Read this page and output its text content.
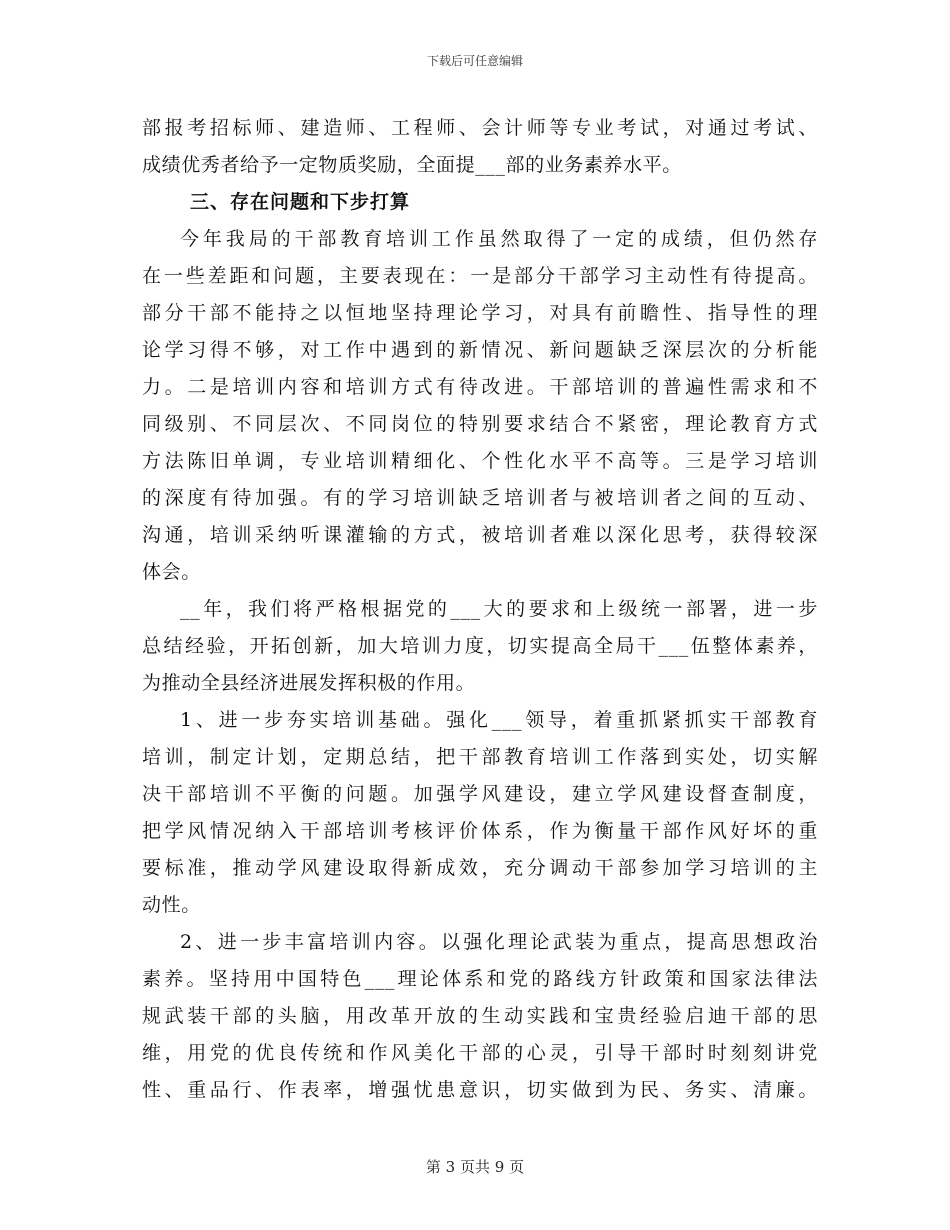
下载后可任意编辑
部报考招标师、建造师、工程师、会计师等专业考试，对通过考试、
成绩优秀者给予一定物质奖励，全面提___部的业务素养水平。
三、存在问题和下步打算
今年我局的干部教育培训工作虽然取得了一定的成绩，但仍然存
在一些差距和问题，主要表现在：一是部分干部学习主动性有待提高。
部分干部不能持之以恒地坚持理论学习，对具有前瞻性、指导性的理
论学习得不够，对工作中遇到的新情况、新问题缺乏深层次的分析能
力。二是培训内容和培训方式有待改进。干部培训的普遍性需求和不
同级别、不同层次、不同岗位的特别要求结合不紧密，理论教育方式
方法陈旧单调，专业培训精细化、个性化水平不高等。三是学习培训
的深度有待加强。有的学习培训缺乏培训者与被培训者之间的互动、
沟通，培训采纳听课灌输的方式，被培训者难以深化思考，获得较深
体会。
__年，我们将严格根据党的___大的要求和上级统一部署，进一步
总结经验，开拓创新，加大培训力度，切实提高全局干___伍整体素养，
为推动全县经济进展发挥积极的作用。
1、进一步夯实培训基础。强化___领导，着重抓紧抓实干部教育
培训，制定计划，定期总结，把干部教育培训工作落到实处，切实解
决干部培训不平衡的问题。加强学风建设，建立学风建设督查制度，
把学风情况纳入干部培训考核评价体系，作为衡量干部作风好坏的重
要标准，推动学风建设取得新成效，充分调动干部参加学习培训的主
动性。
2、进一步丰富培训内容。以强化理论武装为重点，提高思想政治
素养。坚持用中国特色___理论体系和党的路线方针政策和国家法律法
规武装干部的头脑，用改革开放的生动实践和宝贵经验启迪干部的思
维，用党的优良传统和作风美化干部的心灵，引导干部时时刻刻讲党
性、重品行、作表率，增强忧患意识，切实做到为民、务实、清廉。
第 3 页共 9 页
